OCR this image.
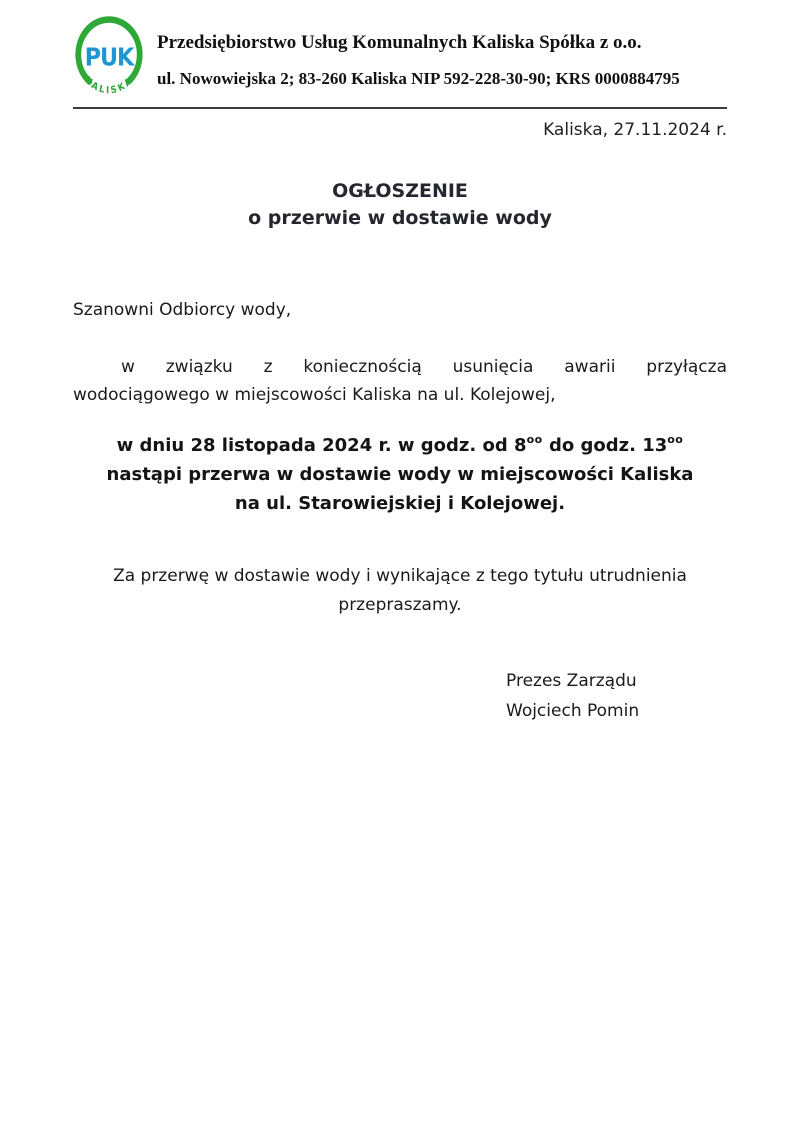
PUK
KALISKA
Przedsiębiorstwo Usług Komunalnych Kaliska Spółka z o.o.
ul. Nowowiejska 2; 83-260 Kaliska NIP 592-228-30-90; KRS 0000884795
Kaliska, 27.11.2024 r.
OGŁOSZENIE
o przerwie w dostawie wody

Szanowni Odbiorcy wody,

w związku z koniecznością usunięcia awarii przyłącza
wodociągowego w miejscowości Kaliska na ul. Kolejowej,
w dniu 28 listopada 2024 r. w godz. od $8^{oo}$ do godz. $13^{oo}$
nastąpi przerwa w dostawie wody w miejscowości Kaliska
na ul. Starowiejskiej i Kolejowej.
Za przerwę w dostawie wody i wynikające z tego tytułu utrudnienia
przepraszamy.
Prezes Zarządu
Wojciech Pomin
